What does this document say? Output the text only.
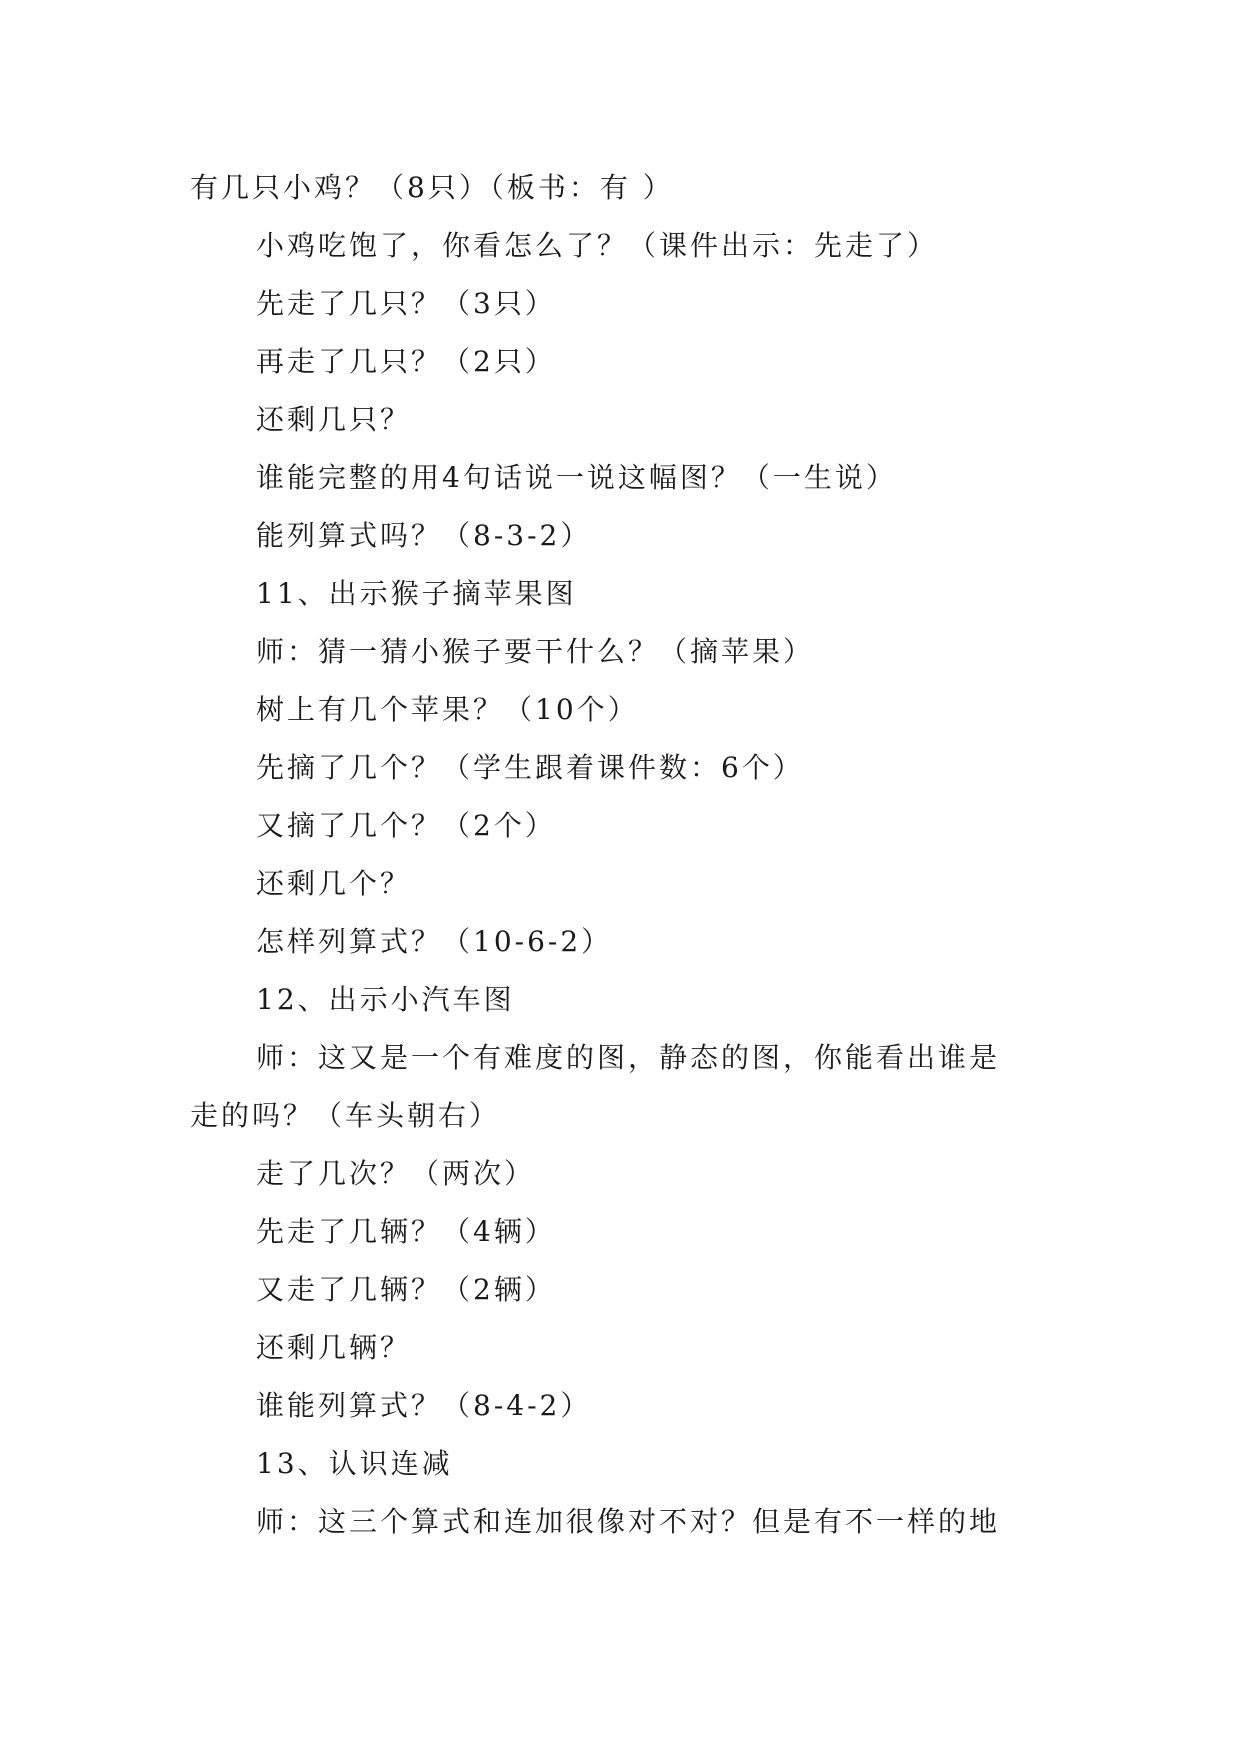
有几只小鸡？（8只）（板书：有 ）
小鸡吃饱了，你看怎么了？（课件出示：先走了）
先走了几只？（3只）
再走了几只？（2只）
还剩几只？
谁能完整的用4句话说一说这幅图？（一生说）
能列算式吗？（8-3-2）
11、出示猴子摘苹果图
师：猜一猜小猴子要干什么？（摘苹果）
树上有几个苹果？（10个）
先摘了几个？（学生跟着课件数：6个）
又摘了几个？（2个）
还剩几个？
怎样列算式？（10-6-2）
12、出示小汽车图
师：这又是一个有难度的图，静态的图，你能看出谁是
走的吗？（车头朝右）
走了几次？（两次）
先走了几辆？（4辆）
又走了几辆？（2辆）
还剩几辆？
谁能列算式？（8-4-2）
13、认识连减
师：这三个算式和连加很像对不对？但是有不一样的地
